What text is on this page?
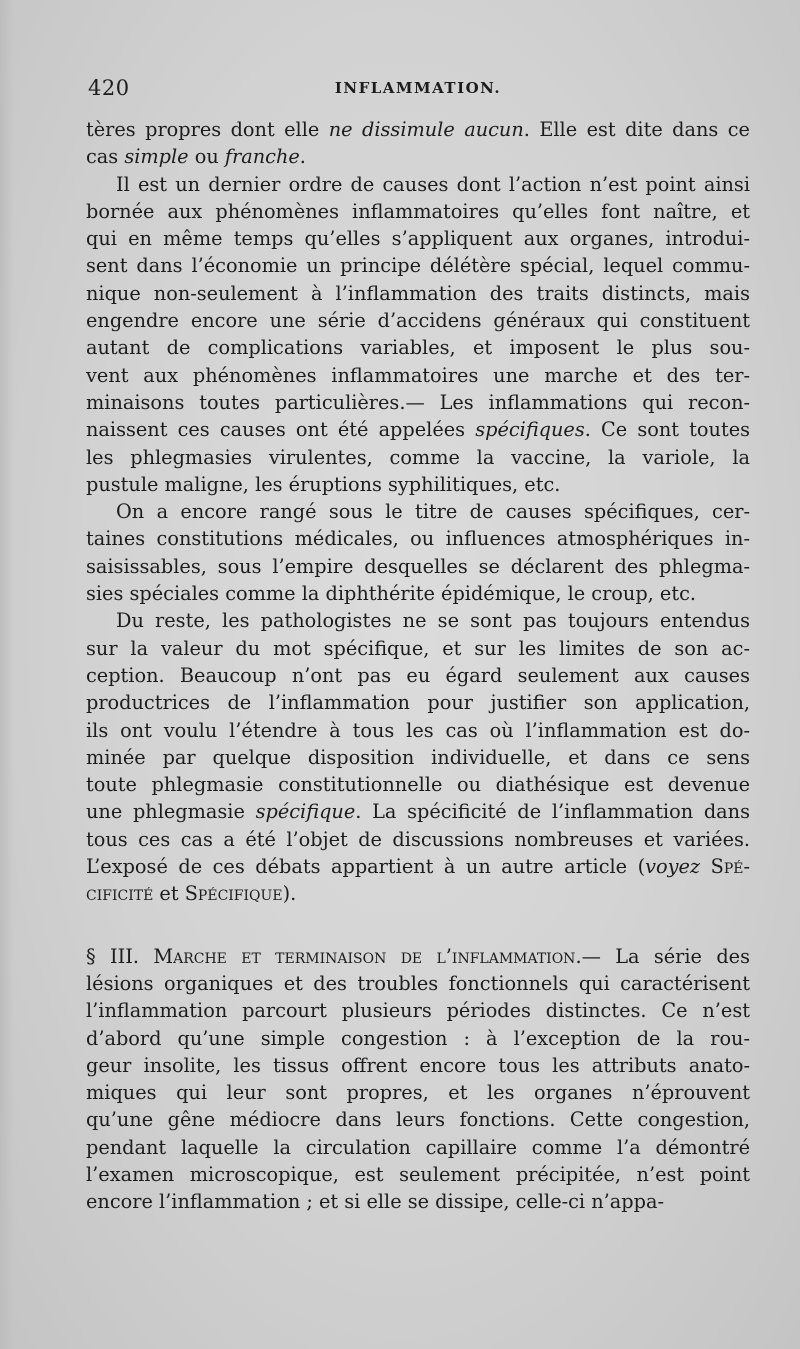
420	INFLAMMATION.
tères propres dont elle ne dissimule aucun. Elle est dite dans ce
cas simple ou franche.
Il est un dernier ordre de causes dont l’action n’est point ainsi
bornée aux phénomènes inflammatoires qu’elles font naître, et
qui en même temps qu’elles s’appliquent aux organes, introdui-
sent dans l’économie un principe délétère spécial, lequel commu-
nique non-seulement à l’inflammation des traits distincts, mais
engendre encore une série d’accidens généraux qui constituent
autant de complications variables, et imposent le plus sou-
vent aux phénomènes inflammatoires une marche et des ter-
minaisons toutes particulières.— Les inflammations qui recon-
naissent ces causes ont été appelées spécifiques. Ce sont toutes
les phlegmasies virulentes, comme la vaccine, la variole, la
pustule maligne, les éruptions syphilitiques, etc.
On a encore rangé sous le titre de causes spécifiques, cer-
taines constitutions médicales, ou influences atmosphériques in-
saisissables, sous l’empire desquelles se déclarent des phlegma-
sies spéciales comme la diphthérite épidémique, le croup, etc.
Du reste, les pathologistes ne se sont pas toujours entendus
sur la valeur du mot spécifique, et sur les limites de son ac-
ception. Beaucoup n’ont pas eu égard seulement aux causes
productrices de l’inflammation pour justifier son application,
ils ont voulu l’étendre à tous les cas où l’inflammation est do-
minée par quelque disposition individuelle, et dans ce sens
toute phlegmasie constitutionnelle ou diathésique est devenue
une phlegmasie spécifique. La spécificité de l’inflammation dans
tous ces cas a été l’objet de discussions nombreuses et variées.
L’exposé de ces débats appartient à un autre article (voyez Spé-
cificité et Spécifique).
§ III. Marche et terminaison de l’inflammation.— La série des
lésions organiques et des troubles fonctionnels qui caractérisent
l’inflammation parcourt plusieurs périodes distinctes. Ce n’est
d’abord qu’une simple congestion : à l’exception de la rou-
geur insolite, les tissus offrent encore tous les attributs anato-
miques qui leur sont propres, et les organes n’éprouvent
qu’une gêne médiocre dans leurs fonctions. Cette congestion,
pendant laquelle la circulation capillaire comme l’a démontré
l’examen microscopique, est seulement précipitée, n’est point
encore l’inflammation ; et si elle se dissipe, celle-ci n’appa-
